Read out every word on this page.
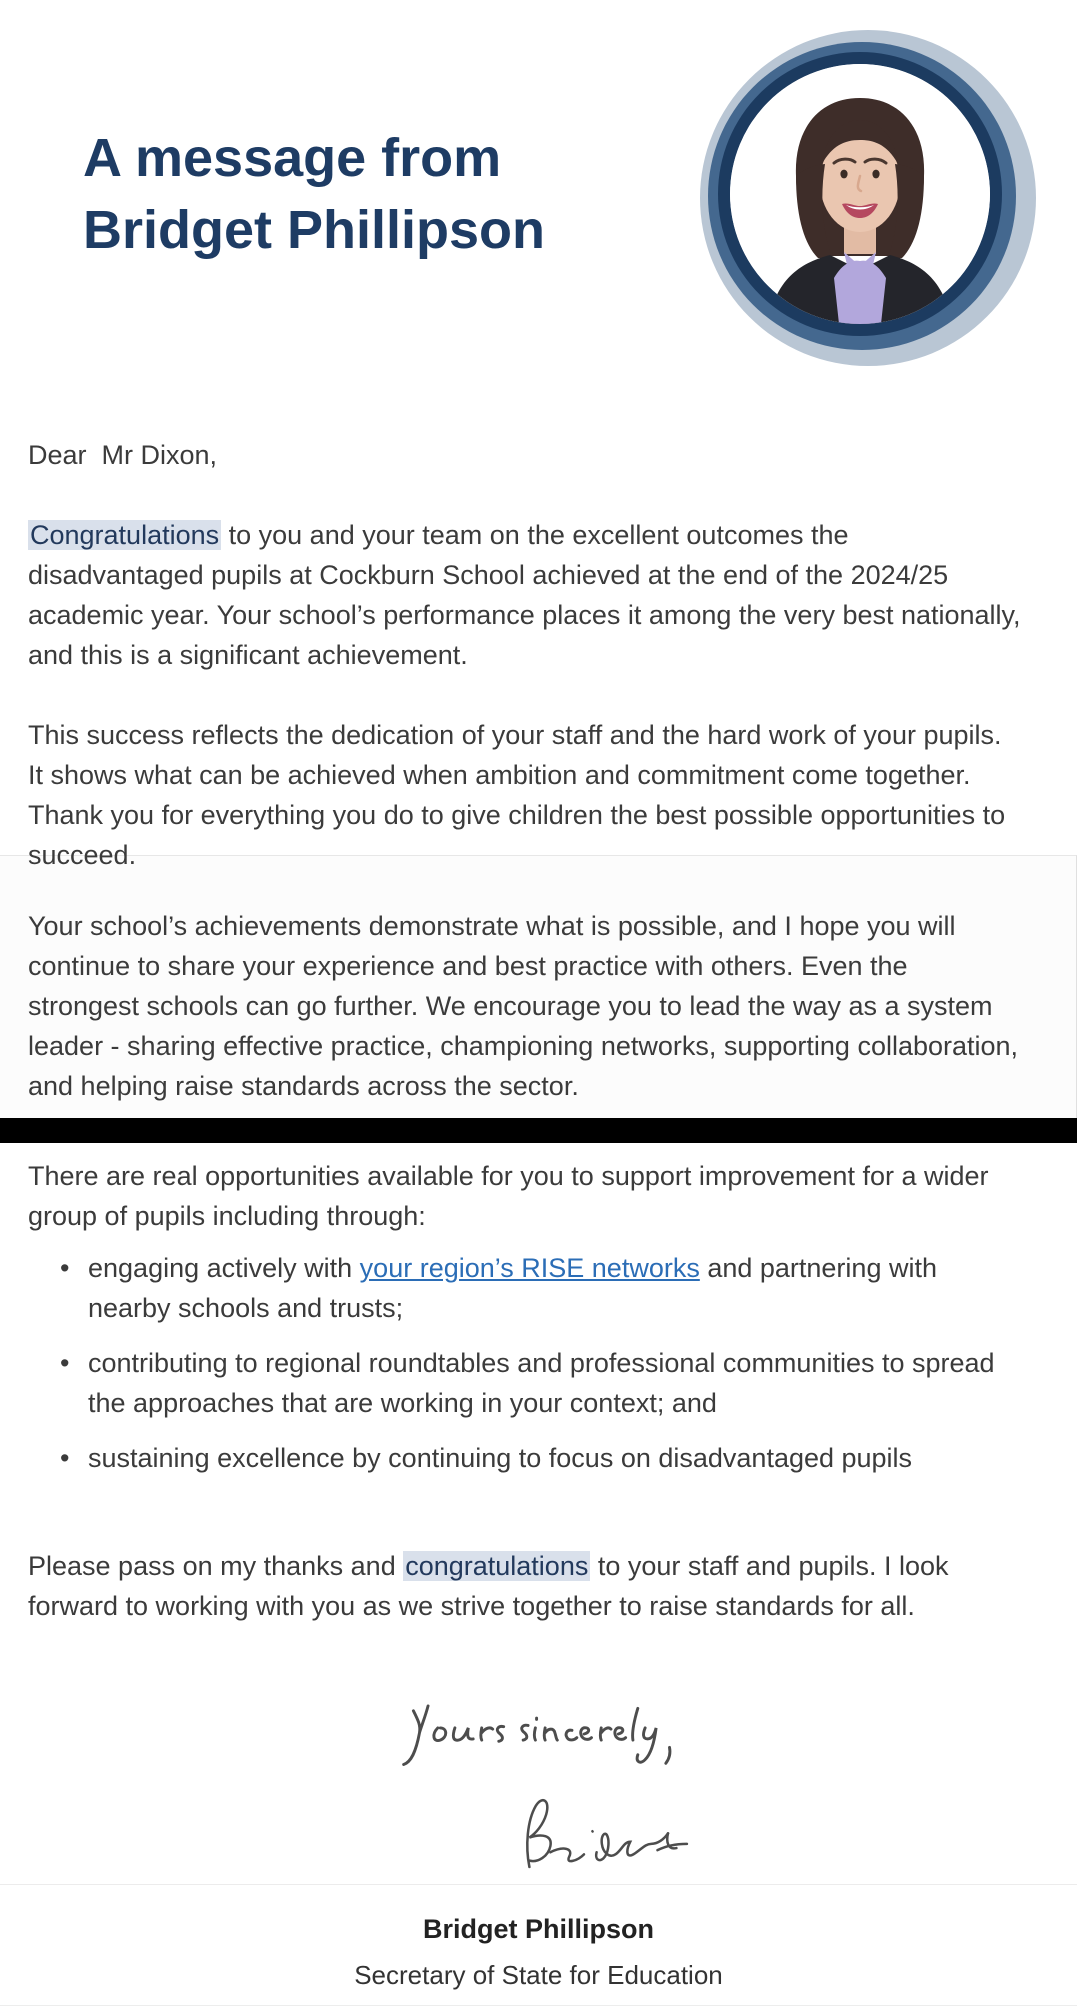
A message from
Bridget Phillipson

Dear  Mr Dixon,

Congratulations to you and your team on the excellent outcomes the disadvantaged pupils at Cockburn School achieved at the end of the 2024/25 academic year. Your school’s performance places it among the very best nationally, and this is a significant achievement.

This success reflects the dedication of your staff and the hard work of your pupils. It shows what can be achieved when ambition and commitment come together. Thank you for everything you do to give children the best possible opportunities to succeed.

Your school’s achievements demonstrate what is possible, and I hope you will continue to share your experience and best practice with others. Even the strongest schools can go further. We encourage you to lead the way as a system leader - sharing effective practice, championing networks, supporting collaboration, and helping raise standards across the sector.

There are real opportunities available for you to support improvement for a wider group of pupils including through:

• engaging actively with your region’s RISE networks and partnering with nearby schools and trusts;
• contributing to regional roundtables and professional communities to spread the approaches that are working in your context; and
• sustaining excellence by continuing to focus on disadvantaged pupils

Please pass on my thanks and congratulations to your staff and pupils. I look forward to working with you as we strive together to raise standards for all.

Bridget Phillipson

Secretary of State for Education
